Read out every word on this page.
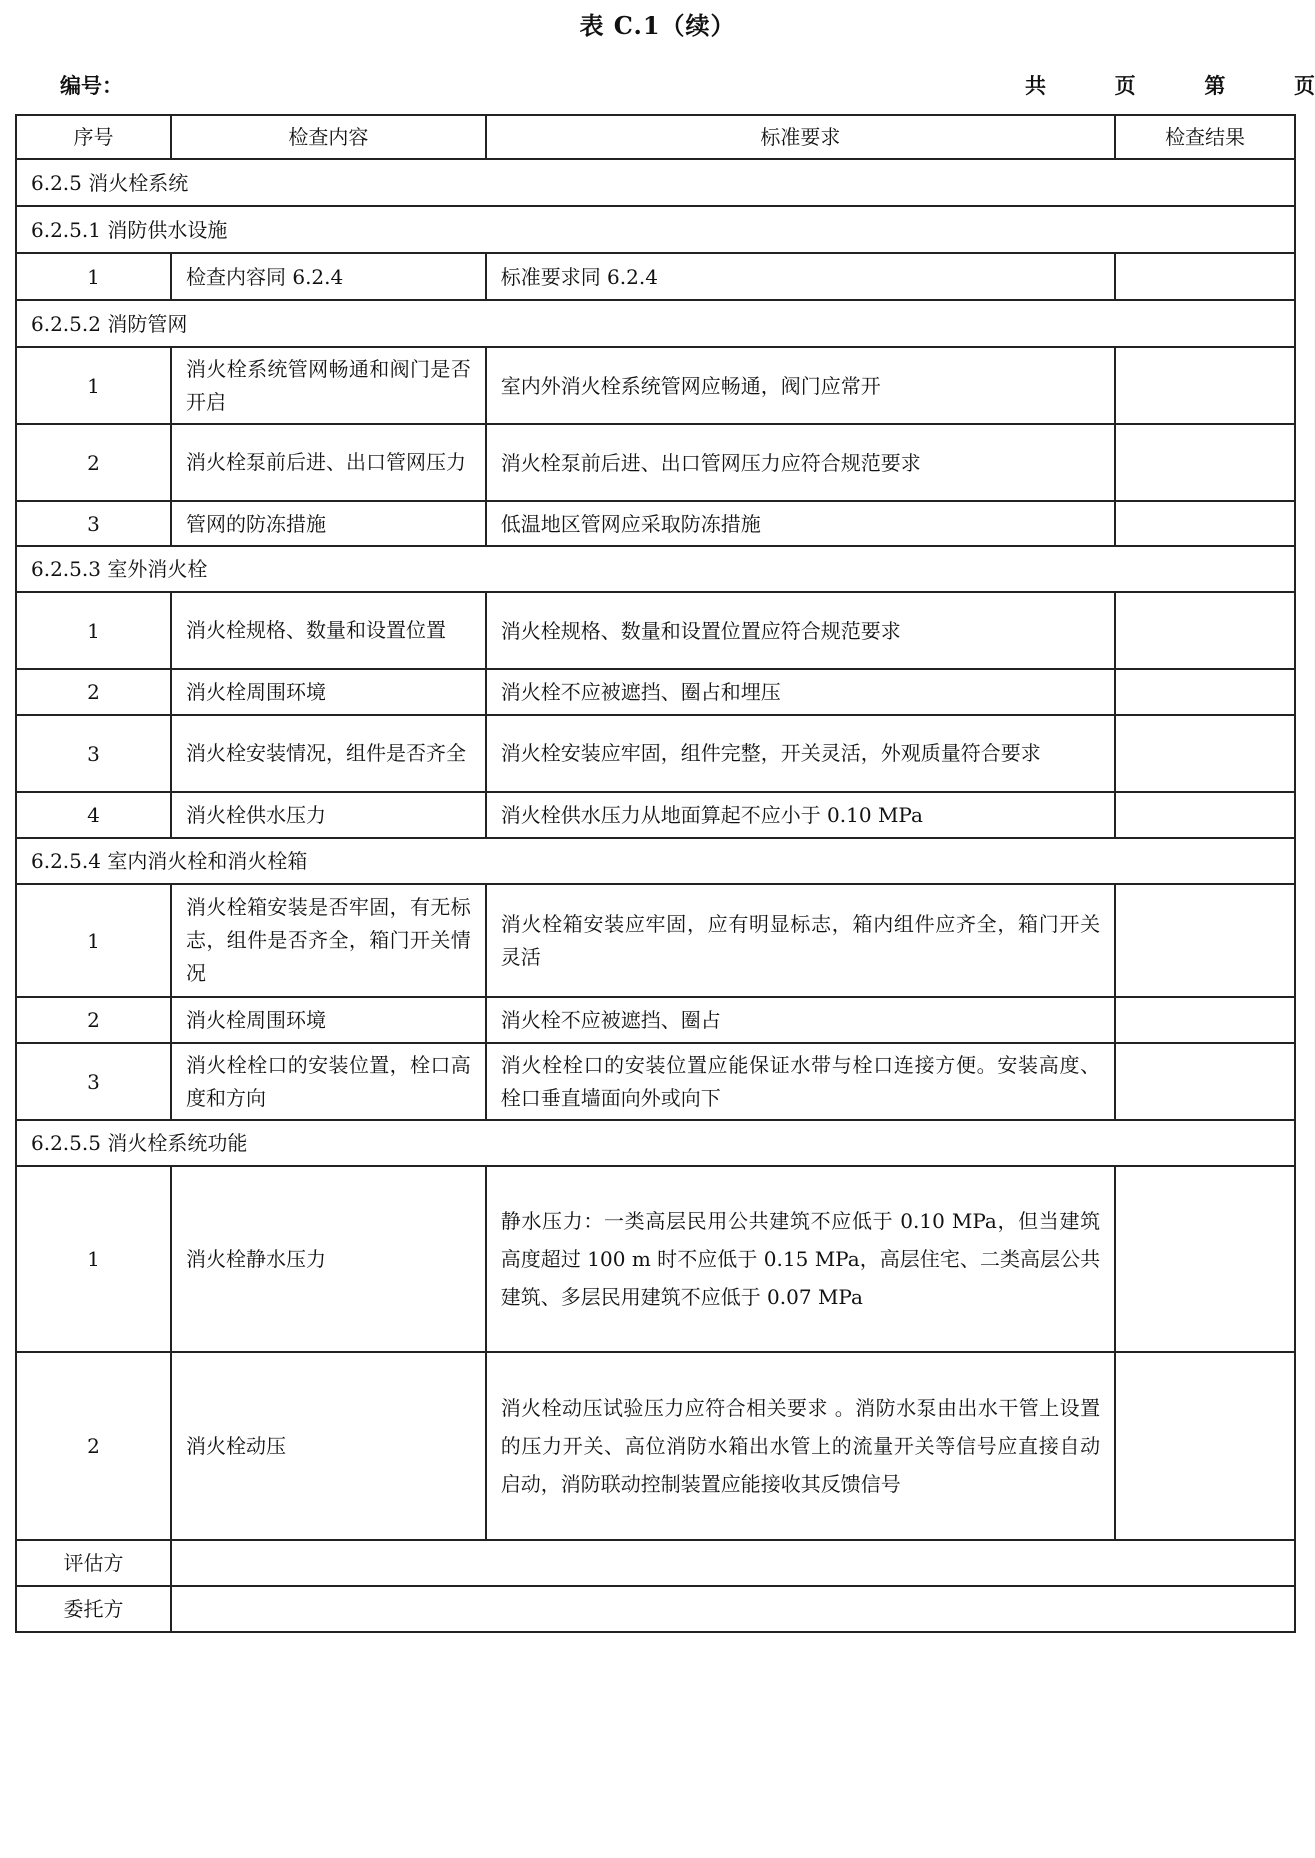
表 C.1（续）
编号：	共	页	第	页
序号	检查内容	标准要求	检查结果
6.2.5 消火栓系统			
6.2.5.1 消防供水设施			
1	检查内容同 6.2.4	标准要求同 6.2.4	
6.2.5.2 消防管网			
1	消火栓系统管网畅通和阀门是否开启	室内外消火栓系统管网应畅通，阀门应常开	
2	消火栓泵前后进、出口管网压力	消火栓泵前后进、出口管网压力应符合规范要求	
3	管网的防冻措施	低温地区管网应采取防冻措施	
6.2.5.3 室外消火栓			
1	消火栓规格、数量和设置位置	消火栓规格、数量和设置位置应符合规范要求	
2	消火栓周围环境	消火栓不应被遮挡、圈占和埋压	
3	消火栓安装情况，组件是否齐全	消火栓安装应牢固，组件完整，开关灵活，外观质量符合要求	
4	消火栓供水压力	消火栓供水压力从地面算起不应小于 0.10 MPa	
6.2.5.4 室内消火栓和消火栓箱			
1	消火栓箱安装是否牢固，有无标志，组件是否齐全，箱门开关情况	消火栓箱安装应牢固，应有明显标志，箱内组件应齐全，箱门开关灵活	
2	消火栓周围环境	消火栓不应被遮挡、圈占	
3	消火栓栓口的安装位置，栓口高度和方向	消火栓栓口的安装位置应能保证水带与栓口连接方便。安装高度、栓口垂直墙面向外或向下	
6.2.5.5 消火栓系统功能			
1	消火栓静水压力	静水压力：一类高层民用公共建筑不应低于 0.10 MPa，但当建筑高度超过 100 m 时不应低于 0.15 MPa，高层住宅、二类高层公共建筑、多层民用建筑不应低于 0.07 MPa	
2	消火栓动压	消火栓动压试验压力应符合相关要求 。消防水泵由出水干管上设置的压力开关、高位消防水箱出水管上的流量开关等信号应直接自动启动，消防联动控制装置应能接收其反馈信号	
评估方			
委托方			
